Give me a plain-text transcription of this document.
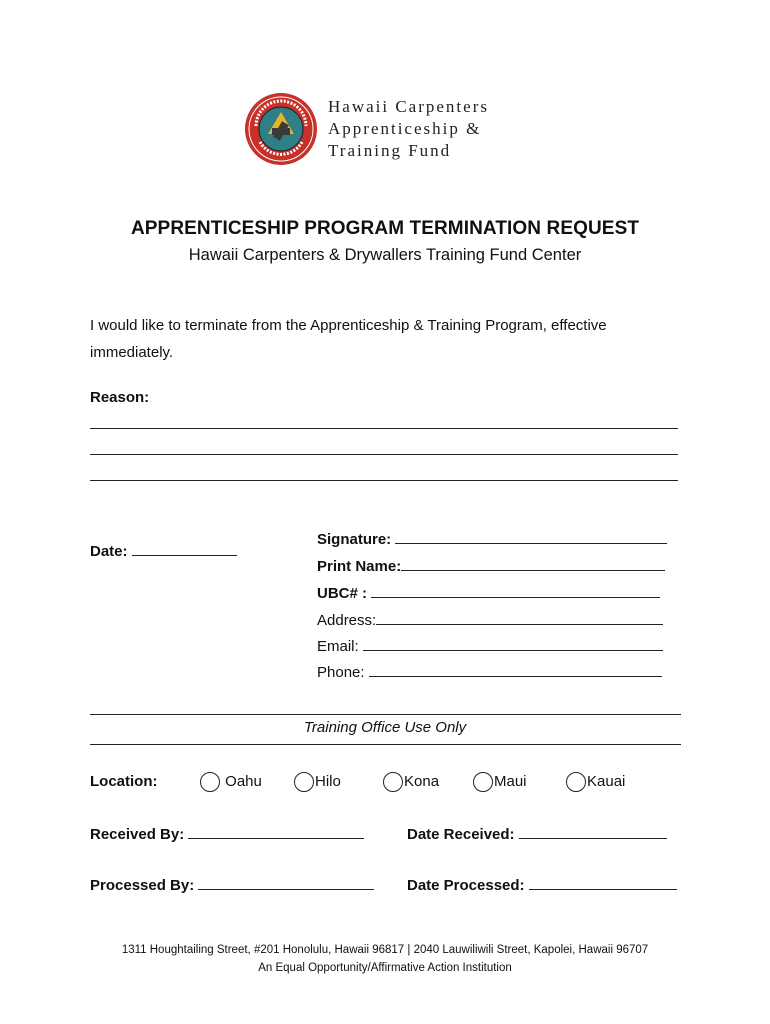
Hawaii Carpenters
Apprenticeship &
Training Fund
APPRENTICESHIP PROGRAM TERMINATION REQUEST
Hawaii Carpenters & Drywallers Training Fund Center
I would like to terminate from the Apprenticeship & Training Program, effective immediately.
Reason:
Date:
Signature:
Print Name:
UBC# :
Address:
Email:
Phone:
Training Office Use Only
Location:	Oahu	Hilo	Kona	Maui	Kauai
Received By:	Date Received:
Processed By:	Date Processed:
1311 Houghtailing Street, #201 Honolulu, Hawaii 96817 | 2040 Lauwiliwili Street, Kapolei, Hawaii 96707
An Equal Opportunity/Affirmative Action Institution
